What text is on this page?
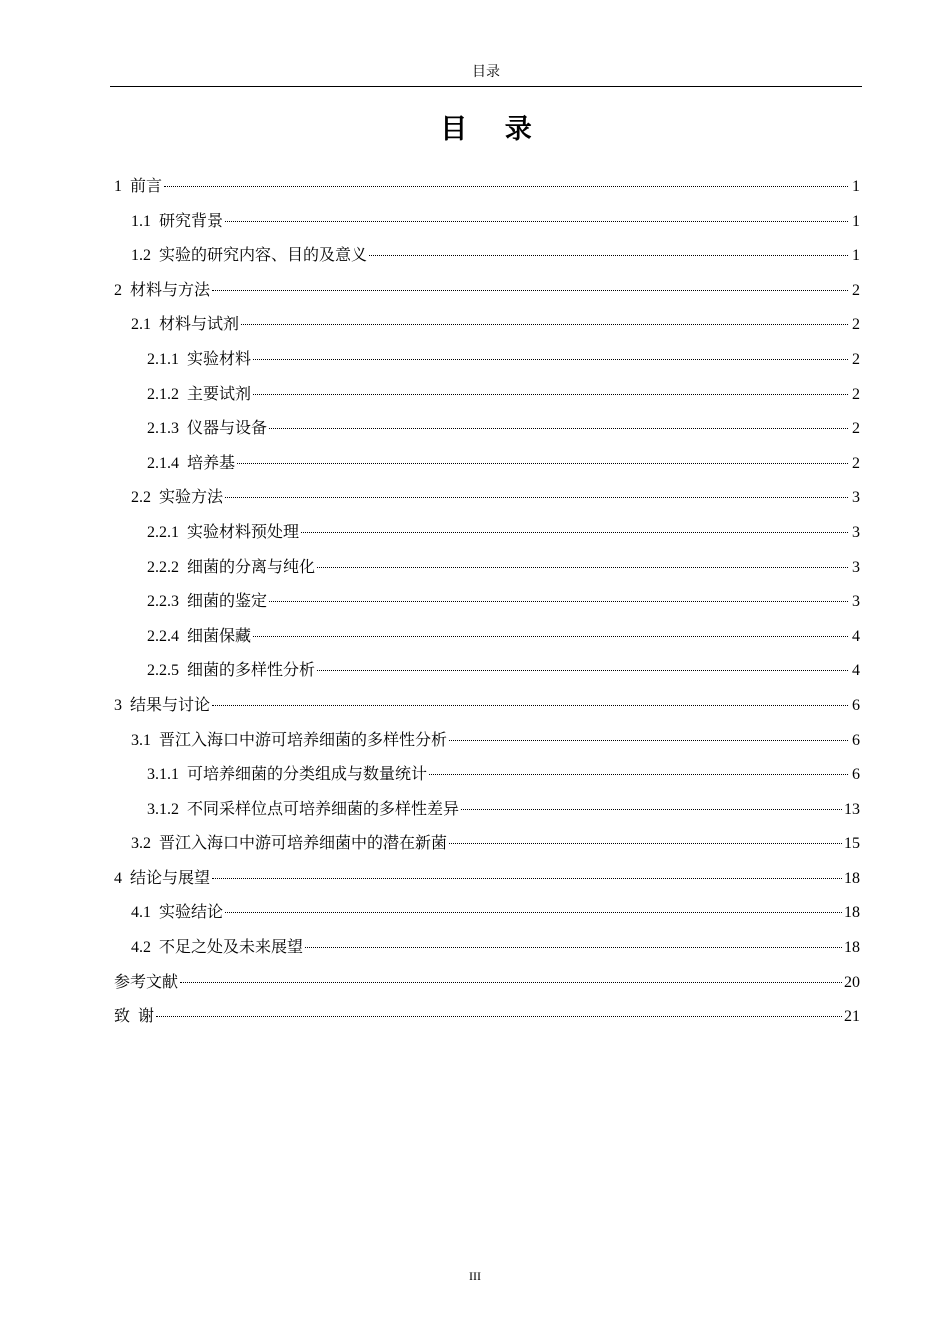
目录
目 录
1 前言	1
1.1 研究背景	1
1.2 实验的研究内容、目的及意义	1
2 材料与方法	2
2.1 材料与试剂	2
2.1.1 实验材料	2
2.1.2 主要试剂	2
2.1.3 仪器与设备	2
2.1.4 培养基	2
2.2 实验方法	3
2.2.1 实验材料预处理	3
2.2.2 细菌的分离与纯化	3
2.2.3 细菌的鉴定	3
2.2.4 细菌保藏	4
2.2.5 细菌的多样性分析	4
3 结果与讨论	6
3.1 晋江入海口中游可培养细菌的多样性分析	6
3.1.1 可培养细菌的分类组成与数量统计	6
3.1.2 不同采样位点可培养细菌的多样性差异	13
3.2 晋江入海口中游可培养细菌中的潜在新菌	15
4 结论与展望	18
4.1 实验结论	18
4.2 不足之处及未来展望	18
参考文献	20
致  谢	21
III
